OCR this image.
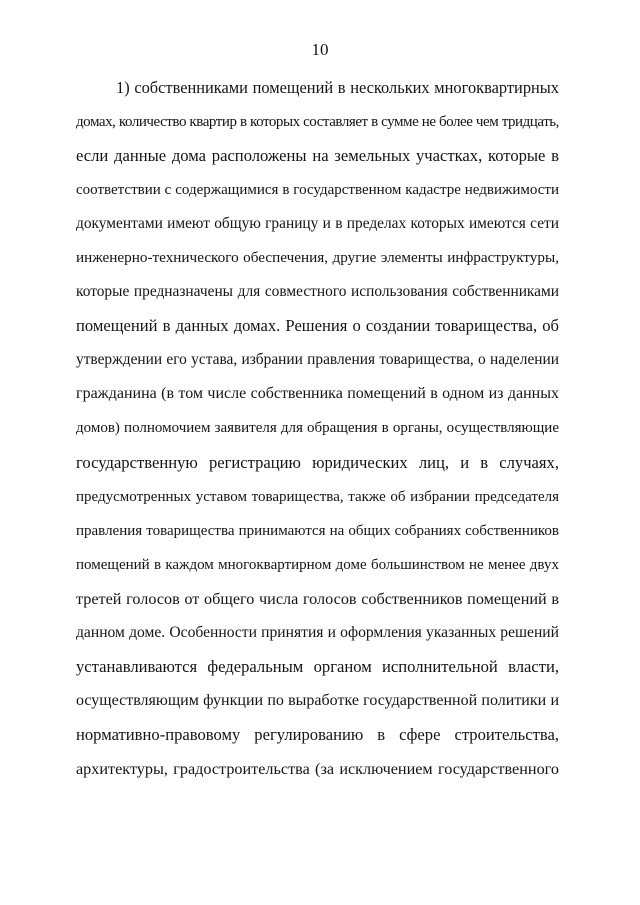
10
1) собственниками помещений в нескольких многоквартирных
домах, количество квартир в которых составляет в сумме не более чем тридцать,
если данные дома расположены на земельных участках, которые в
соответствии с содержащимися в государственном кадастре недвижимости
документами имеют общую границу и в пределах которых имеются сети
инженерно-технического обеспечения, другие элементы инфраструктуры,
которые предназначены для совместного использования собственниками
помещений в данных домах. Решения о создании товарищества, об
утверждении его устава, избрании правления товарищества, о наделении
гражданина (в том числе собственника помещений в одном из данных
домов) полномочием заявителя для обращения в органы, осуществляющие
государственную регистрацию юридических лиц, и в случаях,
предусмотренных уставом товарищества, также об избрании председателя
правления товарищества принимаются на общих собраниях собственников
помещений в каждом многоквартирном доме большинством не менее двух
третей голосов от общего числа голосов собственников помещений в
данном доме. Особенности принятия и оформления указанных решений
устанавливаются федеральным органом исполнительной власти,
осуществляющим функции по выработке государственной политики и
нормативно-правовому регулированию в сфере строительства,
архитектуры, градостроительства (за исключением государственного
